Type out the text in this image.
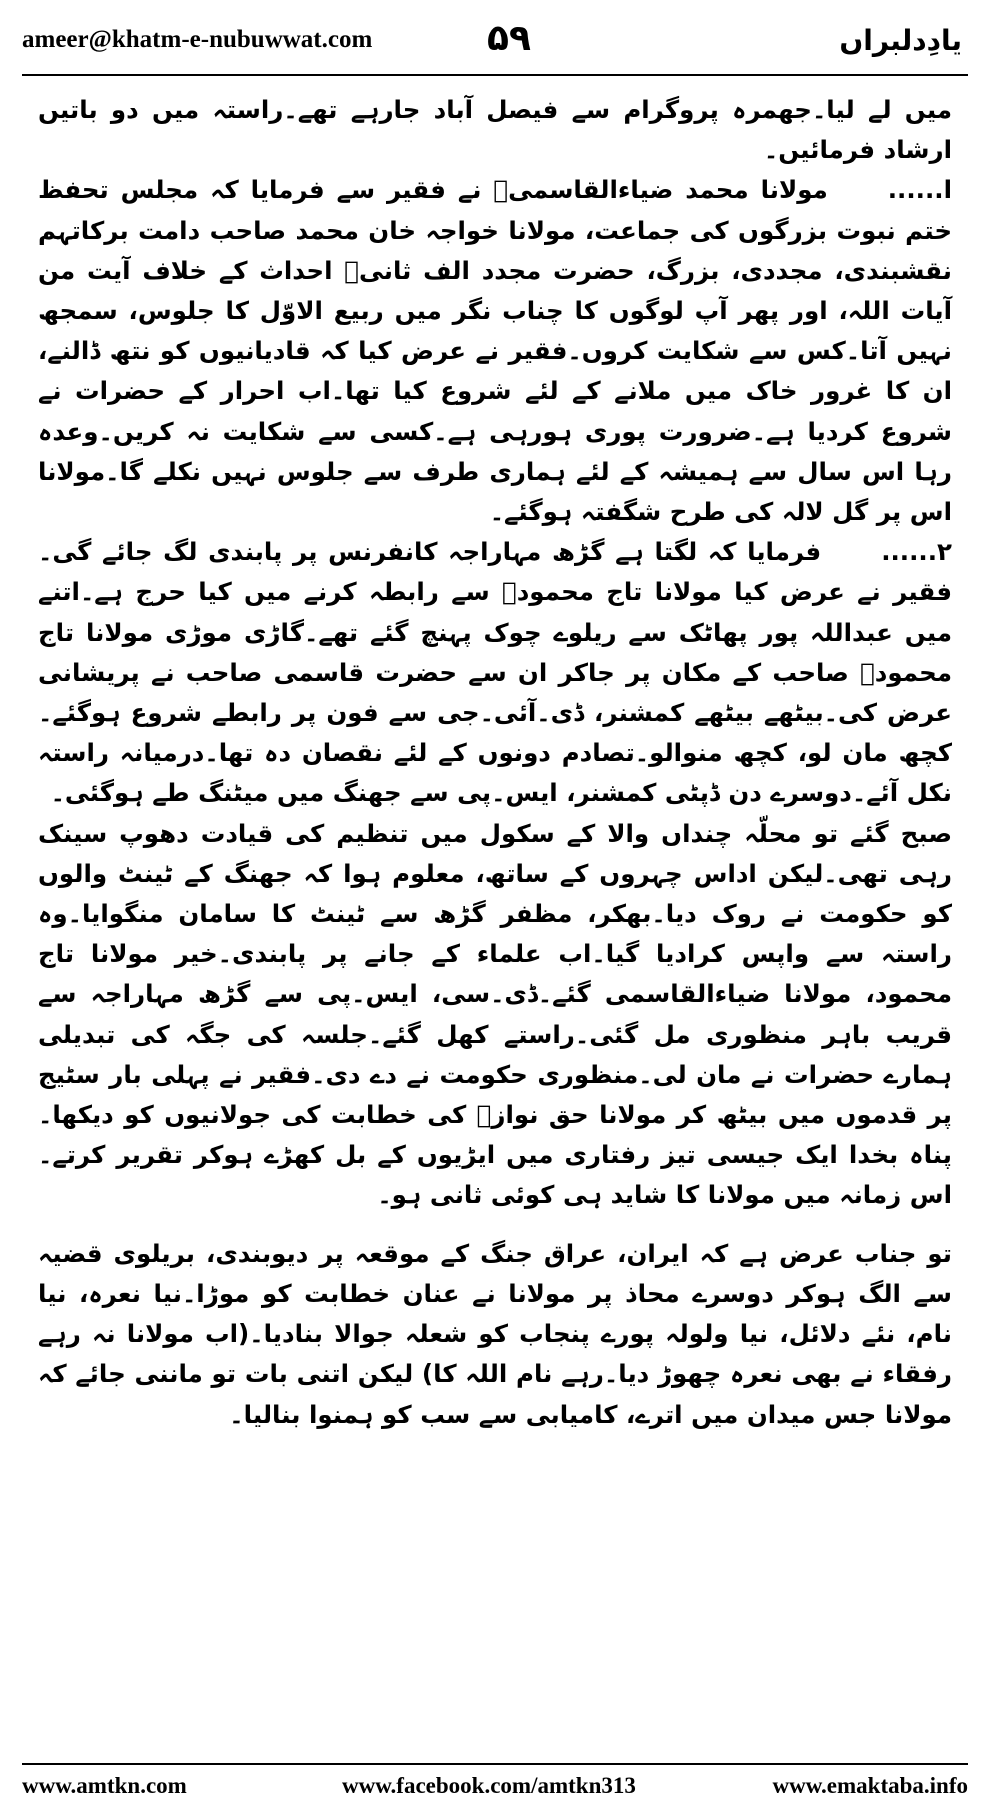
ameer@khatm-e-nubuwwat.com	۵۹	یادِدلبراں

میں لے لیا۔جھمرہ پروگرام سے فیصل آباد جارہے تھے۔راستہ میں دو باتیں ارشاد فرمائیں۔

ا......مولانا محمد ضیاءالقاسمیؒ نے فقیر سے فرمایا کہ مجلس تحفظ ختم نبوت بزرگوں کی جماعت، مولانا خواجہ خان محمد صاحب دامت برکاتہم نقشبندی، مجددی، بزرگ، حضرت مجدد الف ثانیؒ احداث کے خلاف آیت من آیات اللہ، اور پھر آپ لوگوں کا چناب نگر میں ربیع الاوّل کا جلوس، سمجھ نہیں آتا۔کس سے شکایت کروں۔فقیر نے عرض کیا کہ قادیانیوں کو نتھ ڈالنے، ان کا غرور خاک میں ملانے کے لئے شروع کیا تھا۔اب احرار کے حضرات نے شروع کردیا ہے۔ضرورت پوری ہورہی ہے۔کسی سے شکایت نہ کریں۔وعدہ رہا اس سال سے ہمیشہ کے لئے ہماری طرف سے جلوس نہیں نکلے گا۔مولانا اس پر گل لالہ کی طرح شگفتہ ہوگئے۔

۲......فرمایا کہ لگتا ہے گڑھ مہاراجہ کانفرنس پر پابندی لگ جائے گی۔فقیر نے عرض کیا مولانا تاج محمودؒ سے رابطہ کرنے میں کیا حرج ہے۔اتنے میں عبداللہ پور پھاٹک سے ریلوے چوک پہنچ گئے تھے۔گاڑی موڑی مولانا تاج محمودؒ صاحب کے مکان پر جاکر ان سے حضرت قاسمی صاحب نے پریشانی عرض کی۔بیٹھے بیٹھے کمشنر، ڈی۔آئی۔جی سے فون پر رابطے شروع ہوگئے۔کچھ مان لو، کچھ منوالو۔تصادم دونوں کے لئے نقصان دہ تھا۔درمیانہ راستہ نکل آئے۔دوسرے دن ڈپٹی کمشنر، ایس۔پی سے جھنگ میں میٹنگ طے ہوگئی۔

صبح گئے تو محلّہ چنداں والا کے سکول میں تنظیم کی قیادت دھوپ سینک رہی تھی۔لیکن اداس چہروں کے ساتھ، معلوم ہوا کہ جھنگ کے ٹینٹ والوں کو حکومت نے روک دیا۔بھکر، مظفر گڑھ سے ٹینٹ کا سامان منگوایا۔وہ راستہ سے واپس کرادیا گیا۔اب علماء کے جانے پر پابندی۔خیر مولانا تاج محمود، مولانا ضیاءالقاسمی گئے۔ڈی۔سی، ایس۔پی سے گڑھ مہاراجہ سے قریب باہر منظوری مل گئی۔راستے کھل گئے۔جلسہ کی جگہ کی تبدیلی ہمارے حضرات نے مان لی۔منظوری حکومت نے دے دی۔فقیر نے پہلی بار سٹیج پر قدموں میں بیٹھ کر مولانا حق نوازؒ کی خطابت کی جولانیوں کو دیکھا۔پناہ بخدا ایک جیسی تیز رفتاری میں ایڑیوں کے بل کھڑے ہوکر تقریر کرتے۔اس زمانہ میں مولانا کا شاید ہی کوئی ثانی ہو۔

تو جناب عرض ہے کہ ایران، عراق جنگ کے موقعہ پر دیوبندی، بریلوی قضیہ سے الگ ہوکر دوسرے محاذ پر مولانا نے عنان خطابت کو موڑا۔نیا نعرہ، نیا نام، نئے دلائل، نیا ولولہ پورے پنجاب کو شعلہ جوالا بنادیا۔(اب مولانا نہ رہے رفقاء نے بھی نعرہ چھوڑ دیا۔رہے نام اللہ کا) لیکن اتنی بات تو ماننی جائے کہ مولانا جس میدان میں اترے، کامیابی سے سب کو ہمنوا بنالیا۔

www.amtkn.com	www.facebook.com/amtkn313	www.emaktaba.info
